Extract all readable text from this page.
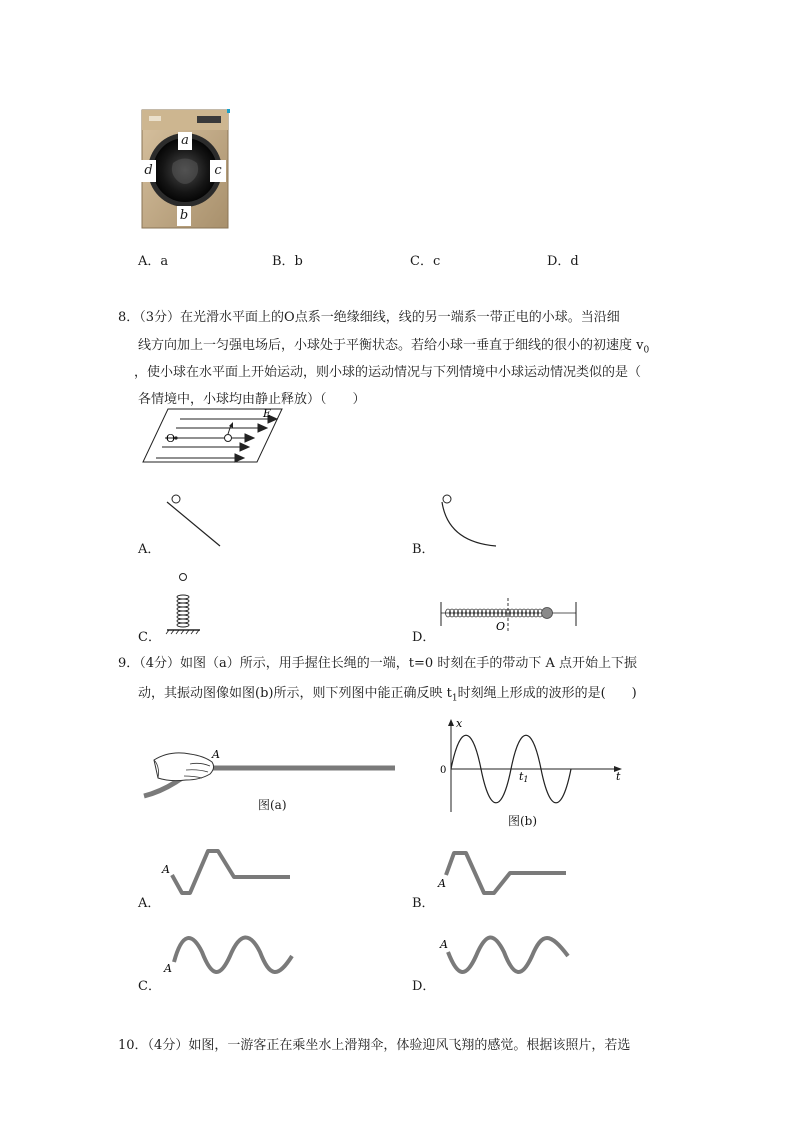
a
d	c
b
A．a	B．b	C．c	D．d
8．（3分）在光滑水平面上的O点系一绝缘细线，线的另一端系一带正电的小球。当沿细
线方向加上一匀强电场后，小球处于平衡状态。若给小球一垂直于细线的很小的初速度 $v_0$
，使小球在水平面上开始运动，则小球的运动情况与下列情境中小球运动情况类似的是（
各情境中，小球均由静止释放）（　　）
E
O
A．	B．
C．
O
D．
9．（4分）如图（a）所示，用手握住长绳的一端，t=0 时刻在手的带动下 A 点开始上下振
动，其振动图像如图(b)所示，则下列图中能正确反映 $t_1$时刻绳上形成的波形的是(　　)
A
图(a)
x
t
0	t1
图(b)
A
A．
A
B．
A
C．
A
D．
10．（4分）如图，一游客正在乘坐水上滑翔伞，体验迎风飞翔的感觉。根据该照片，若选
